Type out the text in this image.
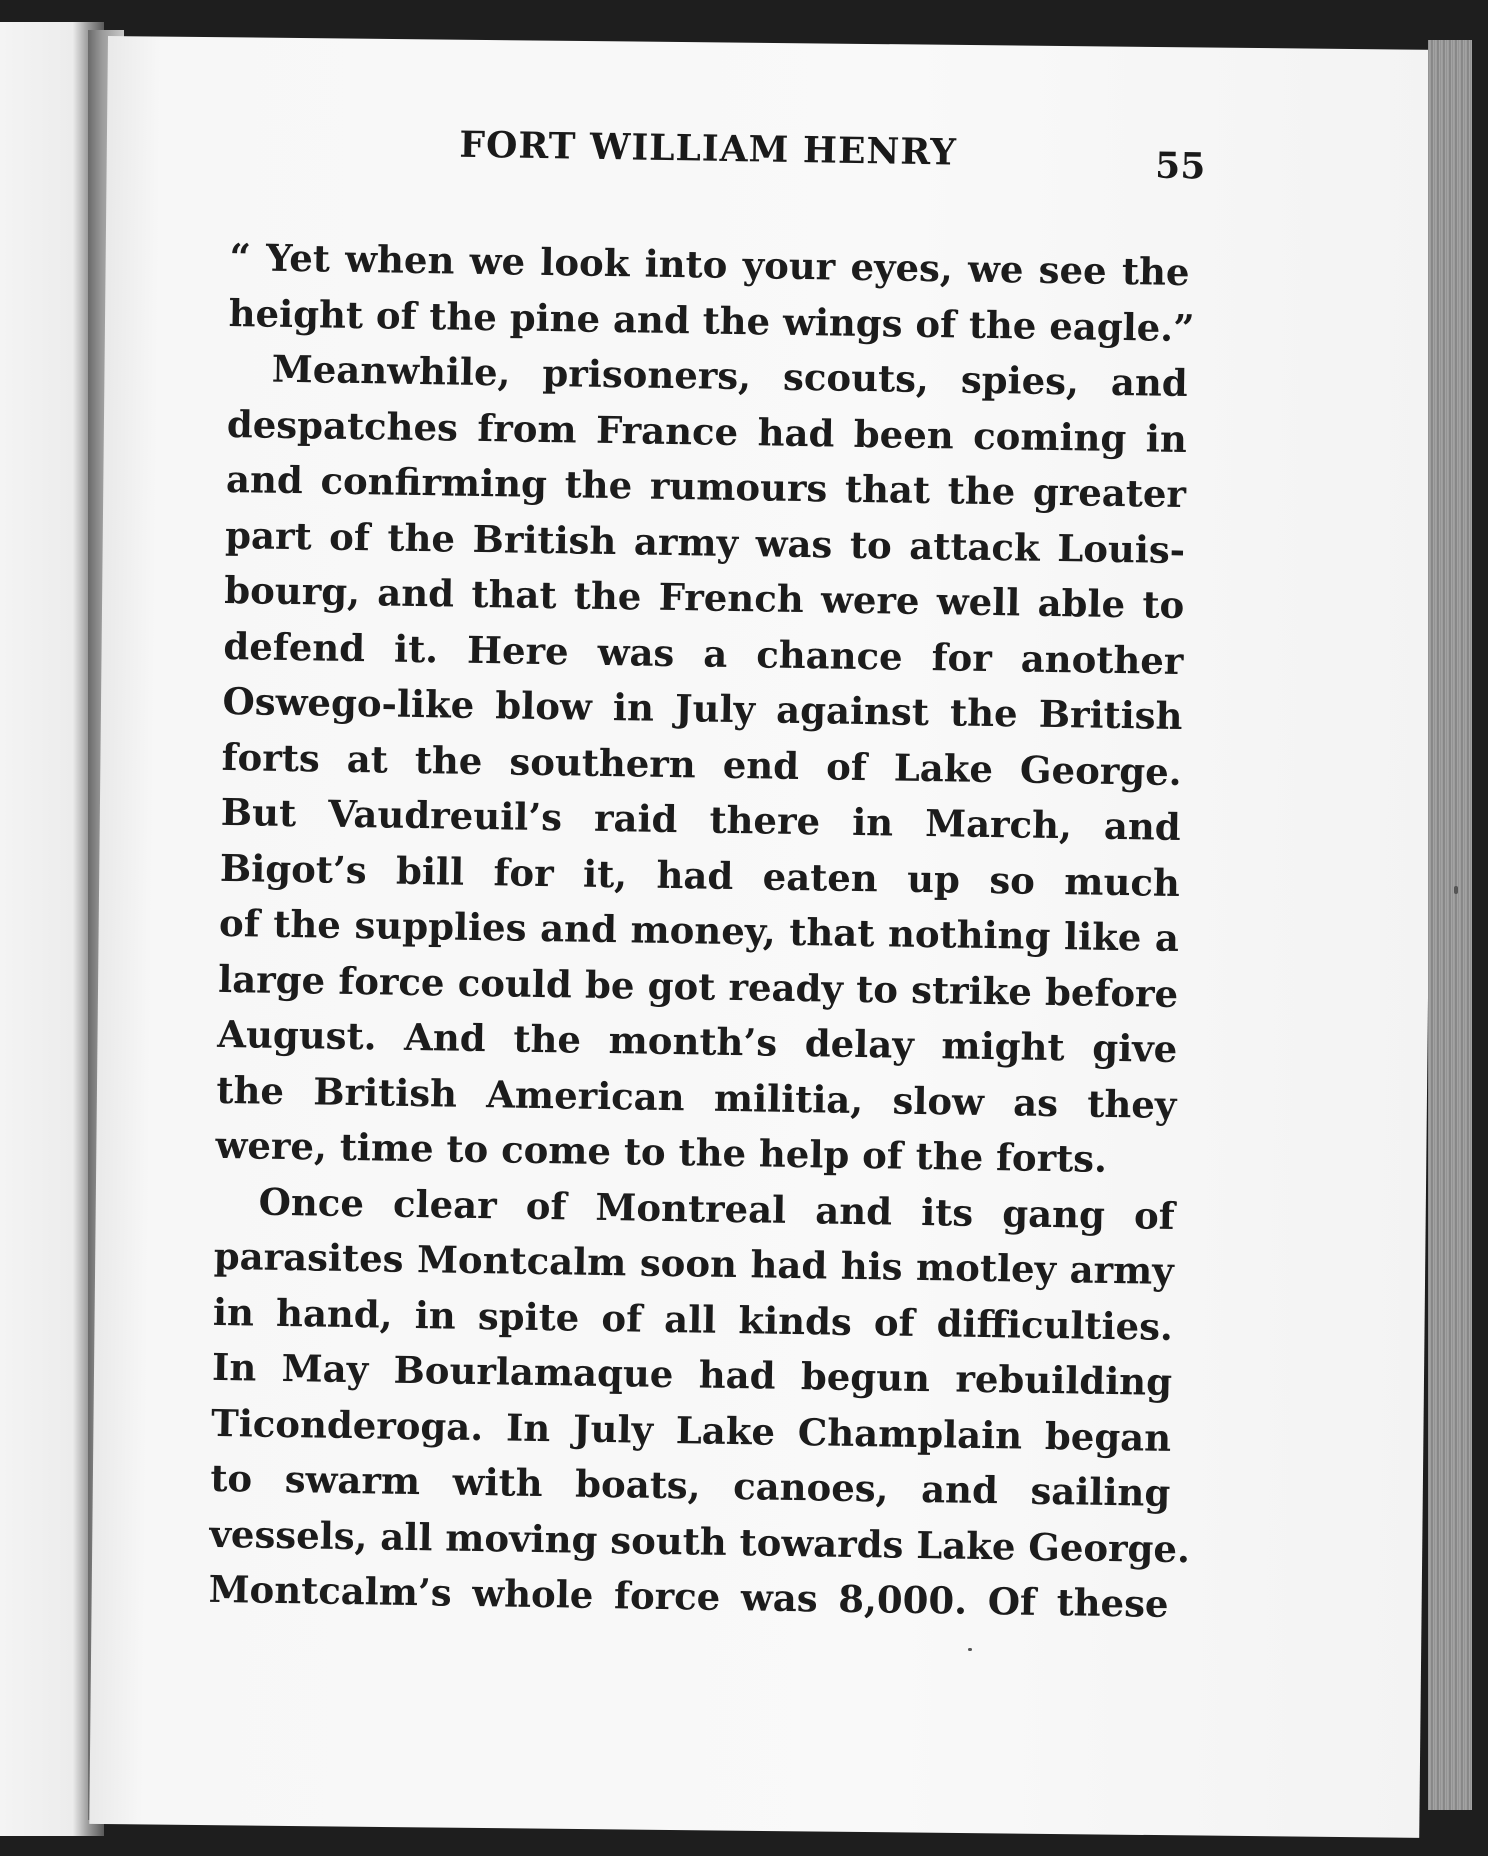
FORT WILLIAM HENRY	55
“ Yet when we look into your eyes, we see the
height of the pine and the wings of the eagle.”
Meanwhile, prisoners, scouts, spies, and
despatches from France had been coming in
and confirming the rumours that the greater
part of the British army was to attack Louis-
bourg, and that the French were well able to
defend it. Here was a chance for another
Oswego-like blow in July against the British
forts at the southern end of Lake George.
But Vaudreuil’s raid there in March, and
Bigot’s bill for it, had eaten up so much
of the supplies and money, that nothing like a
large force could be got ready to strike before
August. And the month’s delay might give
the British American militia, slow as they
were, time to come to the help of the forts.
Once clear of Montreal and its gang of
parasites Montcalm soon had his motley army
in hand, in spite of all kinds of difficulties.
In May Bourlamaque had begun rebuilding
Ticonderoga. In July Lake Champlain began
to swarm with boats, canoes, and sailing
vessels, all moving south towards Lake George.
Montcalm’s whole force was 8,000. Of these
